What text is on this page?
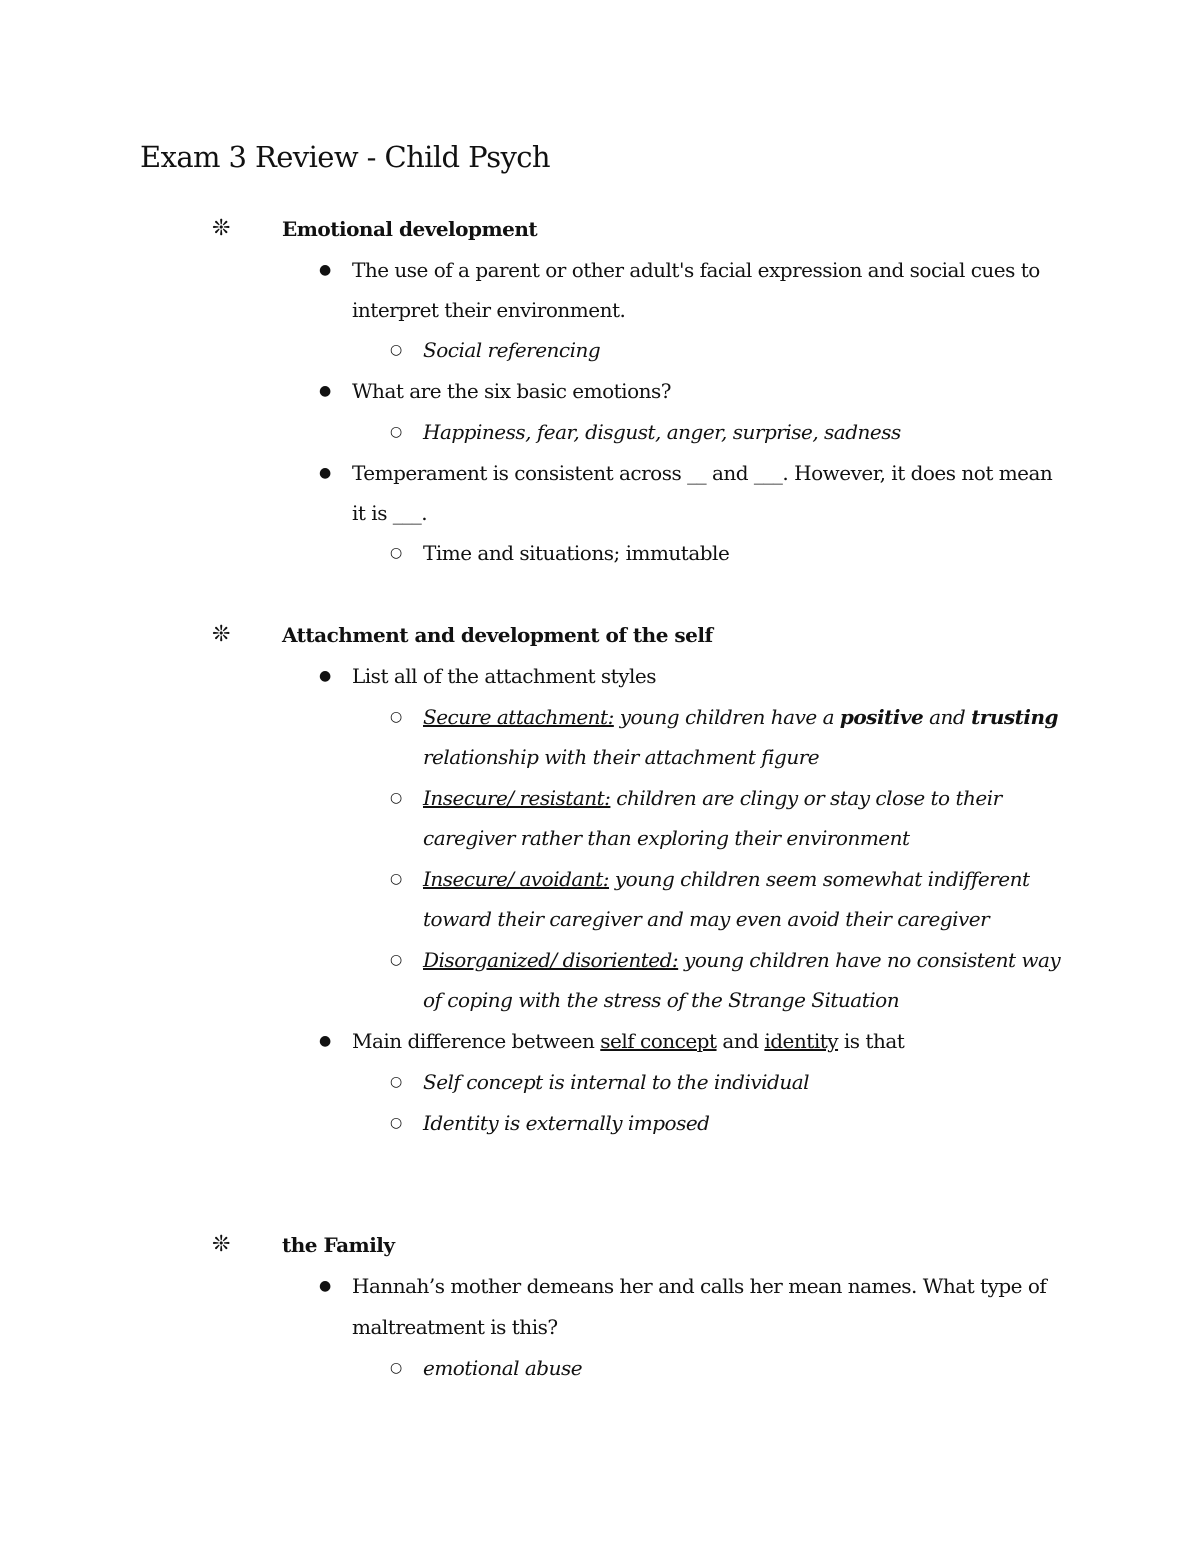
Exam 3 Review - Child Psych
❊	Emotional development
● The use of a parent or other adult's facial expression and social cues to
interpret their environment.
○ Social referencing
● What are the six basic emotions?
○ Happiness, fear, disgust, anger, surprise, sadness
● Temperament is consistent across __ and ___. However, it does not mean
it is ___.
○ Time and situations; immutable
❊	Attachment and development of the self
● List all of the attachment styles
○ Secure attachment: young children have a positive and trusting
relationship with their attachment figure
○ Insecure/ resistant: children are clingy or stay close to their
caregiver rather than exploring their environment
○ Insecure/ avoidant: young children seem somewhat indifferent
toward their caregiver and may even avoid their caregiver
○ Disorganized/ disoriented: young children have no consistent way
of coping with the stress of the Strange Situation
● Main difference between self concept and identity is that
○ Self concept is internal to the individual
○ Identity is externally imposed
❊	the Family
● Hannah’s mother demeans her and calls her mean names. What type of
maltreatment is this?
○ emotional abuse
